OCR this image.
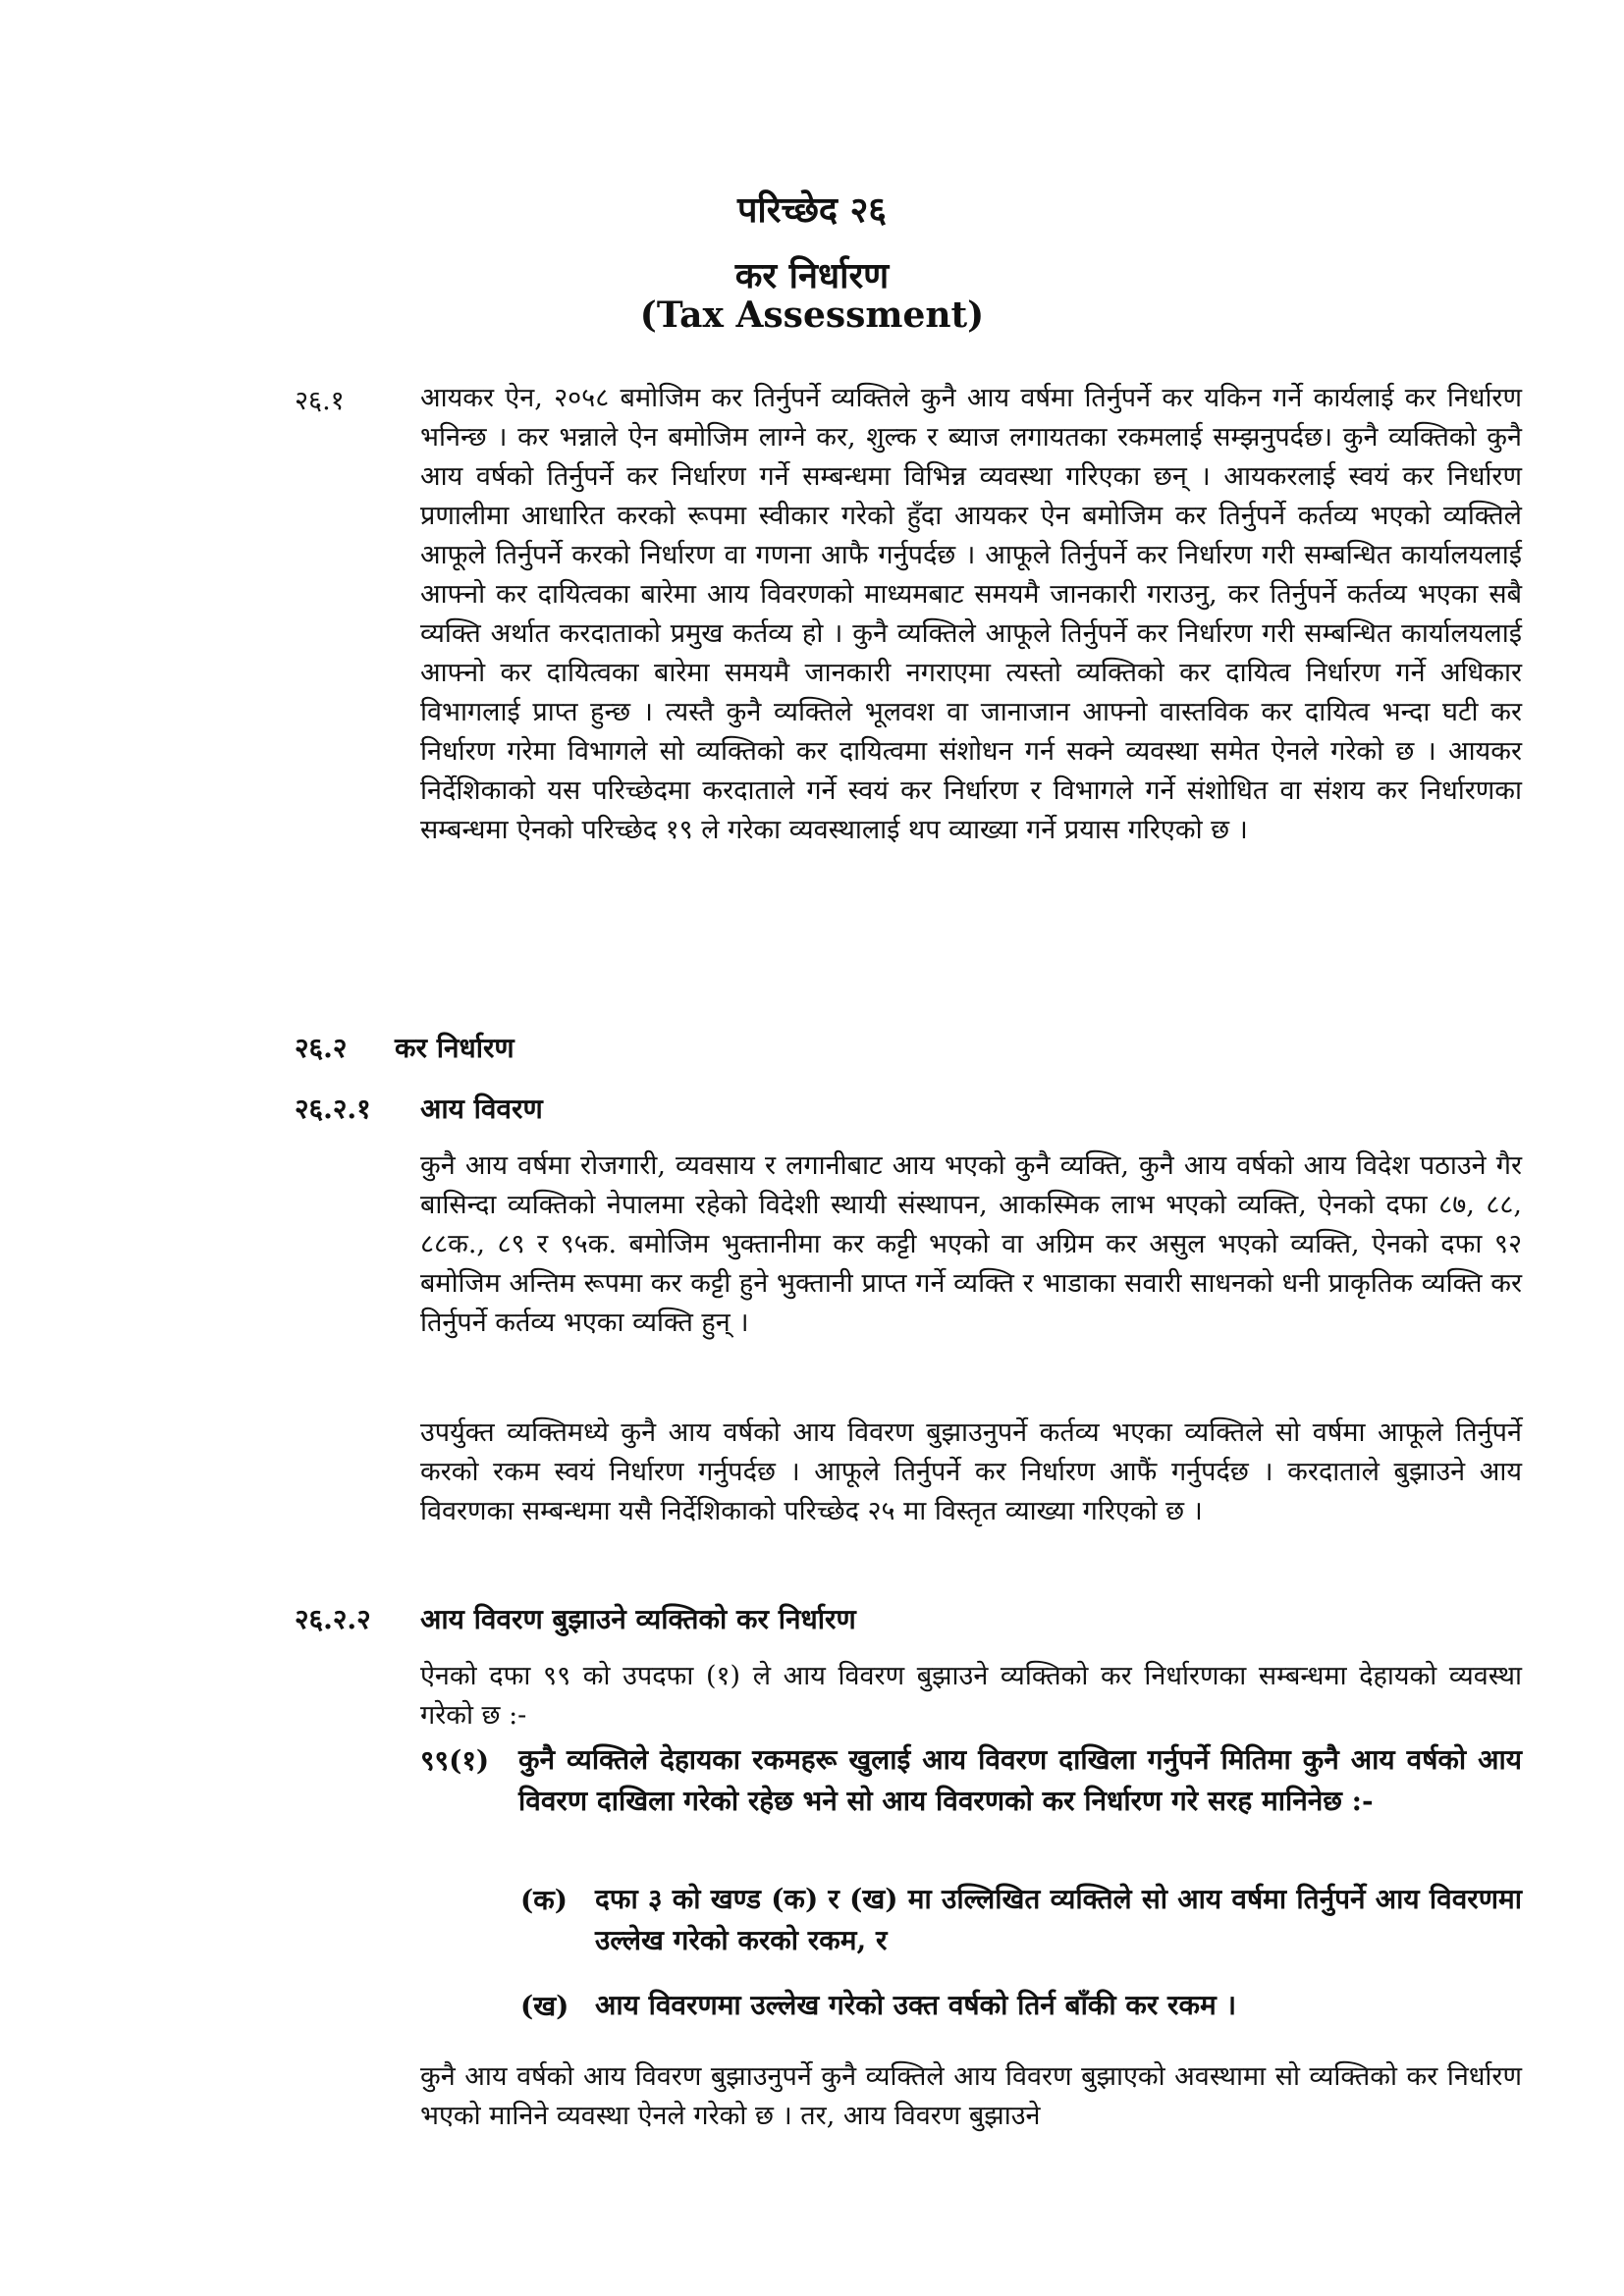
परिच्छेद २६
कर निर्धारण
(Tax Assessment)
२६.१	आयकर ऐन, २०५८ बमोजिम कर तिर्नुपर्ने व्यक्तिले कुनै आय वर्षमा तिर्नुपर्ने कर यकिन गर्ने कार्यलाई कर निर्धारण भनिन्छ । कर भन्नाले ऐन बमोजिम लाग्ने कर, शुल्क र ब्याज लगायतका रकमलाई सम्झनुपर्दछ। कुनै व्यक्तिको कुनै आय वर्षको तिर्नुपर्ने कर निर्धारण गर्ने सम्बन्धमा विभिन्न व्यवस्था गरिएका छन् । आयकरलाई स्वयं कर निर्धारण प्रणालीमा आधारित करको रूपमा स्वीकार गरेको हुँदा आयकर ऐन बमोजिम कर तिर्नुपर्ने कर्तव्य भएको व्यक्तिले आफूले तिर्नुपर्ने करको निर्धारण वा गणना आफै गर्नुपर्दछ । आफूले तिर्नुपर्ने कर निर्धारण गरी सम्बन्धित कार्यालयलाई आफ्नो कर दायित्वका बारेमा आय विवरणको माध्यमबाट समयमै जानकारी गराउनु, कर तिर्नुपर्ने कर्तव्य भएका सबै व्यक्ति अर्थात करदाताको प्रमुख कर्तव्य हो । कुनै व्यक्तिले आफूले तिर्नुपर्ने कर निर्धारण गरी सम्बन्धित कार्यालयलाई आफ्नो कर दायित्वका बारेमा समयमै जानकारी नगराएमा त्यस्तो व्यक्तिको कर दायित्व निर्धारण गर्ने अधिकार विभागलाई प्राप्त हुन्छ । त्यस्तै कुनै व्यक्तिले भूलवश वा जानाजान आफ्नो वास्तविक कर दायित्व भन्दा घटी कर निर्धारण गरेमा विभागले सो व्यक्तिको कर दायित्वमा संशोधन गर्न सक्ने व्यवस्था समेत ऐनले गरेको छ । आयकर निर्देशिकाको यस परिच्छेदमा करदाताले गर्ने स्वयं कर निर्धारण र विभागले गर्ने संशोधित वा संशय कर निर्धारणका सम्बन्धमा ऐनको परिच्छेद १९ ले गरेका व्यवस्थालाई थप व्याख्या गर्ने प्रयास गरिएको छ ।
२६.२ कर निर्धारण
२६.२.१ आय विवरण
कुनै आय वर्षमा रोजगारी, व्यवसाय र लगानीबाट आय भएको कुनै व्यक्ति, कुनै आय वर्षको आय विदेश पठाउने गैर बासिन्दा व्यक्तिको नेपालमा रहेको विदेशी स्थायी संस्थापन, आकस्मिक लाभ भएको व्यक्ति, ऐनको दफा ८७, ८८, ८८क., ८९ र ९५क. बमोजिम भुक्तानीमा कर कट्टी भएको वा अग्रिम कर असुल भएको व्यक्ति, ऐनको दफा ९२ बमोजिम अन्तिम रूपमा कर कट्टी हुने भुक्तानी प्राप्त गर्ने व्यक्ति र भाडाका सवारी साधनको धनी प्राकृतिक व्यक्ति कर तिर्नुपर्ने कर्तव्य भएका व्यक्ति हुन् ।
उपर्युक्त व्यक्तिमध्ये कुनै आय वर्षको आय विवरण बुझाउनुपर्ने कर्तव्य भएका व्यक्तिले सो वर्षमा आफूले तिर्नुपर्ने करको रकम स्वयं निर्धारण गर्नुपर्दछ । आफूले तिर्नुपर्ने कर निर्धारण आफैं गर्नुपर्दछ । करदाताले बुझाउने आय विवरणका सम्बन्धमा यसै निर्देशिकाको परिच्छेद २५ मा विस्तृत व्याख्या गरिएको छ ।
२६.२.२ आय विवरण बुझाउने व्यक्तिको कर निर्धारण
ऐनको दफा ९९ को उपदफा (१) ले आय विवरण बुझाउने व्यक्तिको कर निर्धारणका सम्बन्धमा देहायको व्यवस्था गरेको छ :-
९९(१) कुनै व्यक्तिले देहायका रकमहरू खुलाई आय विवरण दाखिला गर्नुपर्ने मितिमा कुनै आय वर्षको आय विवरण दाखिला गरेको रहेछ भने सो आय विवरणको कर निर्धारण गरे सरह मानिनेछ :-
(क) दफा ३ को खण्ड (क) र (ख) मा उल्लिखित व्यक्तिले सो आय वर्षमा तिर्नुपर्ने आय विवरणमा उल्लेख गरेको करको रकम, र
(ख) आय विवरणमा उल्लेख गरेको उक्त वर्षको तिर्न बाँकी कर रकम ।
कुनै आय वर्षको आय विवरण बुझाउनुपर्ने कुनै व्यक्तिले आय विवरण बुझाएको अवस्थामा सो व्यक्तिको कर निर्धारण भएको मानिने व्यवस्था ऐनले गरेको छ । तर, आय विवरण बुझाउने
